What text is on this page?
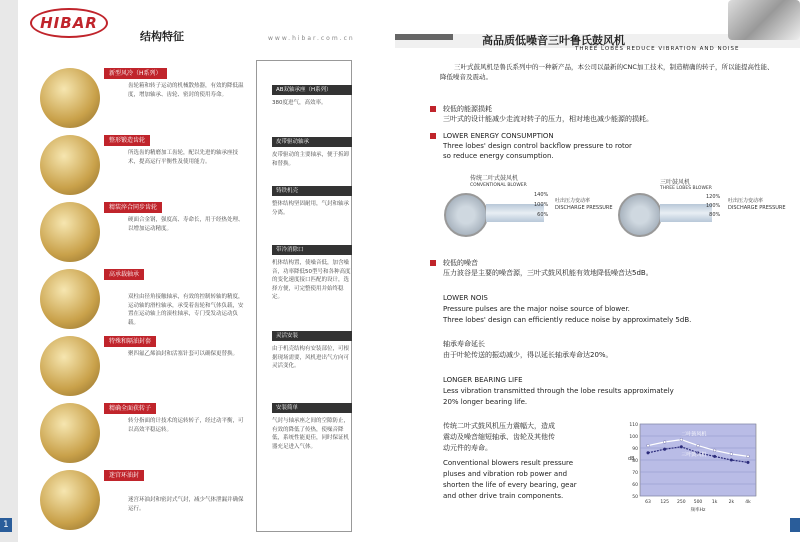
1
HIBAR
结构特征	www.hibar.com.cn	高品质低噪音三叶鲁氏鼓风机
THREE LOBES REDUCE VIBRATION AND NOISE
新型风冷（H系列）
齿轮箱和转子运动的机械散热器，有效的降低温度，增加轴承、齿轮、密封的使用寿命。
整形锻造齿轮
所选齿的精磨加工齿轮，配以先进的轴承座技术，提高运行平衡性及使用能力。
精装淬合同步齿轮
硬面合金钢，强度高、寿命长，用于经热处理、以增加运动精度。
高承载轴承
双柱由径角接触轴承，有效的控制转轴的精度，运动轴的滑柱轴承，承受着齿轮和气体负载，安置在运动轴上的滚柱轴承，专门受发动运动负载。
特殊和隔油封套
聚四氟乙烯油封和活塞针套可以确保更替换。
精确全面获转子
转分指面的计技术的运转转子，经过动平衡，可以高效平稳运转。
迷宫环油封
迷宫环油封和密封式气封，减少气体泄漏并确保运行。
AB双轴承座（H系列）
380度进气，高效率。
皮带驱动轴承
皮带驱动的主要轴承，便于拆卸和替换。
铸铁机壳
整体结构坚固耐用，气封和轴承分离。
带冷消除口
机体结构置，使噪音低，加含噪音，功率降低50型号和各种高度的变化速度接口匹配的设计，选择方便，可完整使用并始终稳定。
灵活安装
由于机壳结构有安装部位，可根据现场需要，风机进出气方向可灵活变化。
安装简单
气封与轴承座之间的空隙防止，有效的降低了传热，使噪音降低，系统性能更佳，同时保证机器充足进入气体。
三叶式鼓风机是鲁氏系列中的一种新产品，本公司以最新的CNC加工技术，制造精确的转子，所以能提高性能、降低噪音及震动。
较低的能源损耗
三叶式的设计能减少走流对转子的压力，相对地也减少能源的损耗。
LOWER ENERGY CONSUMPTION
Three lobes' design control backflow pressure to rotor
so reduce energy consumption.
传统二叶式鼓风机
CONVENTIONAL BLOWER
140%
100%
60%
吐出压力变动率
DISCHARGE PRESSURE
三叶鼓风机
THREE LOBES BLOWER
120%
100%
80%
吐出压力变动率
DISCHARGE PRESSURE
较低的噪音
压力波谷是主要的噪音源，三叶式鼓风机能有效地降低噪音达5dB。
LOWER NOIS
Pressure pulses are the major noise source of blower.
Three lobes' design can efficiently reduce noise by approximately 5dB.
轴承寿命延长
由于叶轮传送的振动减少，得以延长轴承寿命达20%。
LONGER BEARING LIFE
Less vibration transmitted through the lobe results approximately
20% longer bearing life.
传统二叶式鼓风机压力震幅大，造成
震动及噪音缩短轴承、齿轮及其他传
动元件的寿命。
Conventional blowers result pressure
pluses and vibration rob power and
shorten the life of every bearing, gear
and other drive train components.
110
100
90
80
70
60
50
63 125 250 500 1k 2k 4k
dB
频率Hz
二叶鼓风机
三叶鼓风机
